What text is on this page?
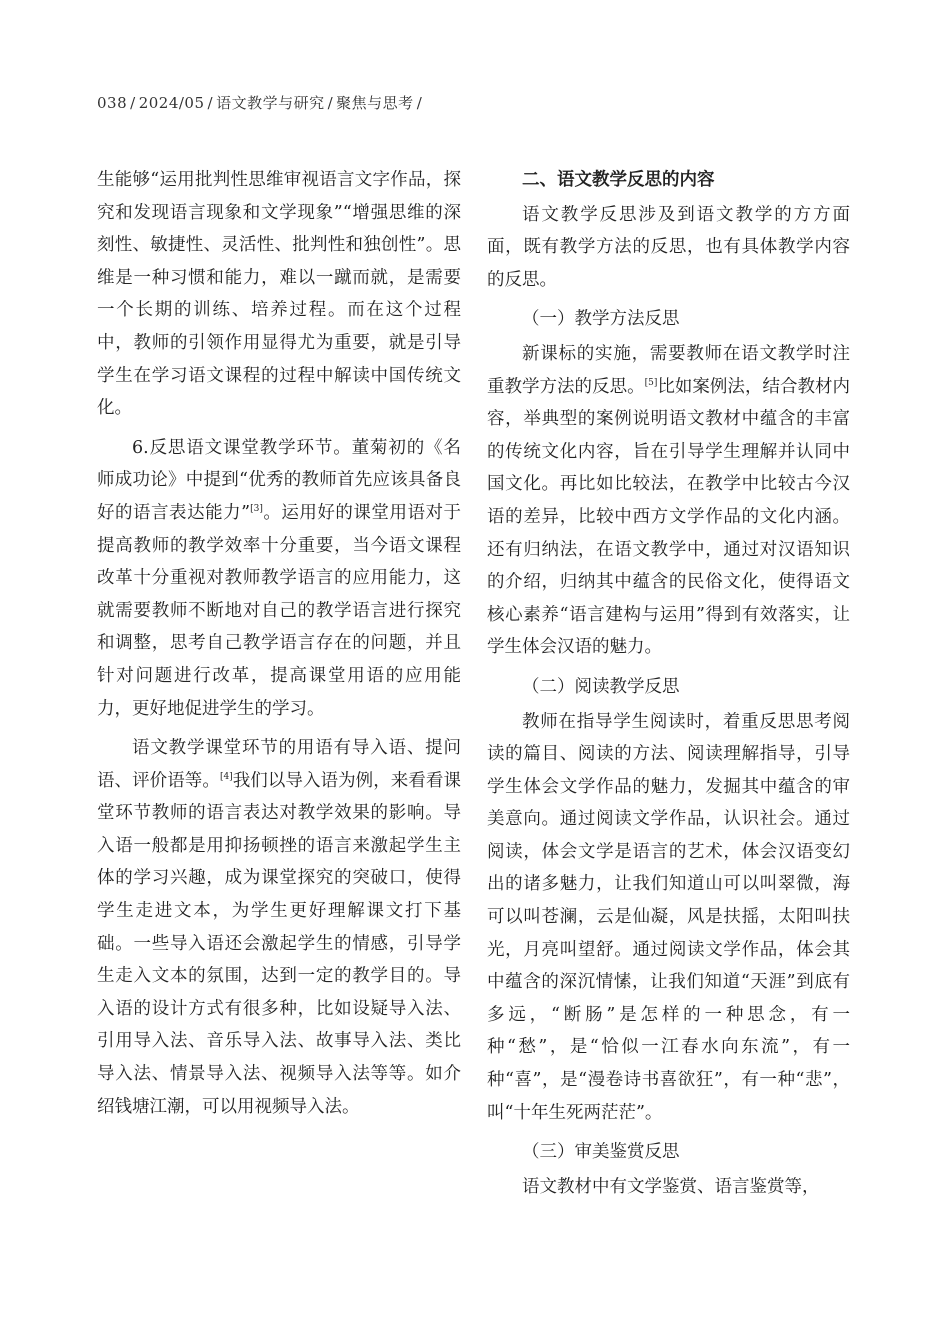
038 / 2024/05 / 语文教学与研究 / 聚焦与思考 /

生能够“运用批判性思维审视语言文字作品，探究和发现语言现象和文学现象”“增强思维的深刻性、敏捷性、灵活性、批判性和独创性”。思维是一种习惯和能力，难以一蹴而就，是需要一个长期的训练、培养过程。而在这个过程中，教师的引领作用显得尤为重要，就是引导学生在学习语文课程的过程中解读中国传统文化。

6.反思语文课堂教学环节。董菊初的《名师成功论》中提到“优秀的教师首先应该具备良好的语言表达能力”[3]。运用好的课堂用语对于提高教师的教学效率十分重要，当今语文课程改革十分重视对教师教学语言的应用能力，这就需要教师不断地对自己的教学语言进行探究和调整，思考自己教学语言存在的问题，并且针对问题进行改革，提高课堂用语的应用能力，更好地促进学生的学习。

语文教学课堂环节的用语有导入语、提问语、评价语等。[4]我们以导入语为例，来看看课堂环节教师的语言表达对教学效果的影响。导入语一般都是用抑扬顿挫的语言来激起学生主体的学习兴趣，成为课堂探究的突破口，使得学生走进文本，为学生更好理解课文打下基础。一些导入语还会激起学生的情感，引导学生走入文本的氛围，达到一定的教学目的。导入语的设计方式有很多种，比如设疑导入法、引用导入法、音乐导入法、故事导入法、类比导入法、情景导入法、视频导入法等等。如介绍钱塘江潮，可以用视频导入法。

二、语文教学反思的内容

语文教学反思涉及到语文教学的方方面面，既有教学方法的反思，也有具体教学内容的反思。

（一）教学方法反思

新课标的实施，需要教师在语文教学时注重教学方法的反思。[5]比如案例法，结合教材内容，举典型的案例说明语文教材中蕴含的丰富的传统文化内容，旨在引导学生理解并认同中国文化。再比如比较法，在教学中比较古今汉语的差异，比较中西方文学作品的文化内涵。还有归纳法，在语文教学中，通过对汉语知识的介绍，归纳其中蕴含的民俗文化，使得语文核心素养“语言建构与运用”得到有效落实，让学生体会汉语的魅力。

（二）阅读教学反思

教师在指导学生阅读时，着重反思思考阅读的篇目、阅读的方法、阅读理解指导，引导学生体会文学作品的魅力，发掘其中蕴含的审美意向。通过阅读文学作品，认识社会。通过阅读，体会文学是语言的艺术，体会汉语变幻出的诸多魅力，让我们知道山可以叫翠微，海可以叫苍澜，云是仙凝，风是扶摇，太阳叫扶光，月亮叫望舒。通过阅读文学作品，体会其中蕴含的深沉情愫，让我们知道“天涯”到底有多远，“断肠”是怎样的一种思念，有一种“愁”，是“恰似一江春水向东流”，有一种“喜”，是“漫卷诗书喜欲狂”，有一种“悲”，叫“十年生死两茫茫”。

（三）审美鉴赏反思

语文教材中有文学鉴赏、语言鉴赏等，
